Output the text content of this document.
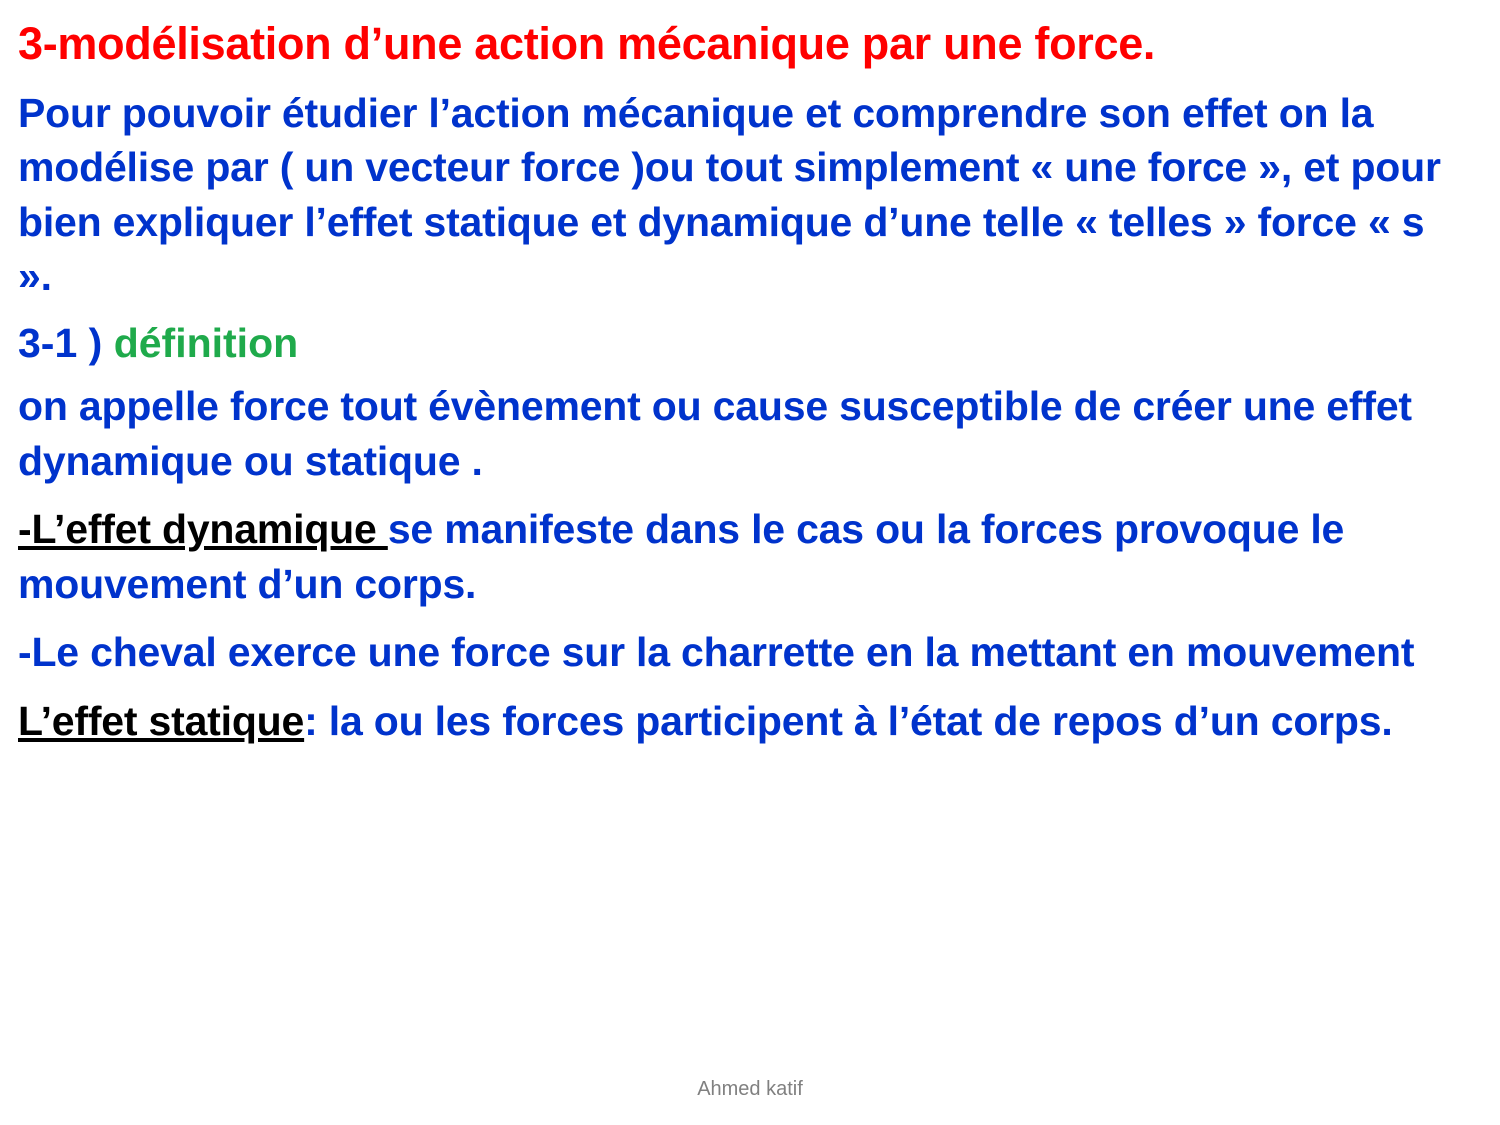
3-modélisation d’une action mécanique par une force.

Pour pouvoir étudier l’action mécanique et comprendre son effet on la modélise par ( un vecteur force )ou tout simplement « une force », et pour bien expliquer l’effet statique et dynamique d’une telle « telles » force « s ».

3-1 ) définition

on appelle force tout évènement ou cause susceptible de créer une effet dynamique ou statique .

-L’effet dynamique se manifeste dans le cas ou la forces provoque le mouvement d’un corps.

-Le cheval exerce une force sur la charrette en la mettant en mouvement

L’effet statique: la ou les forces participent à l’état de repos d’un corps.

Ahmed katif
